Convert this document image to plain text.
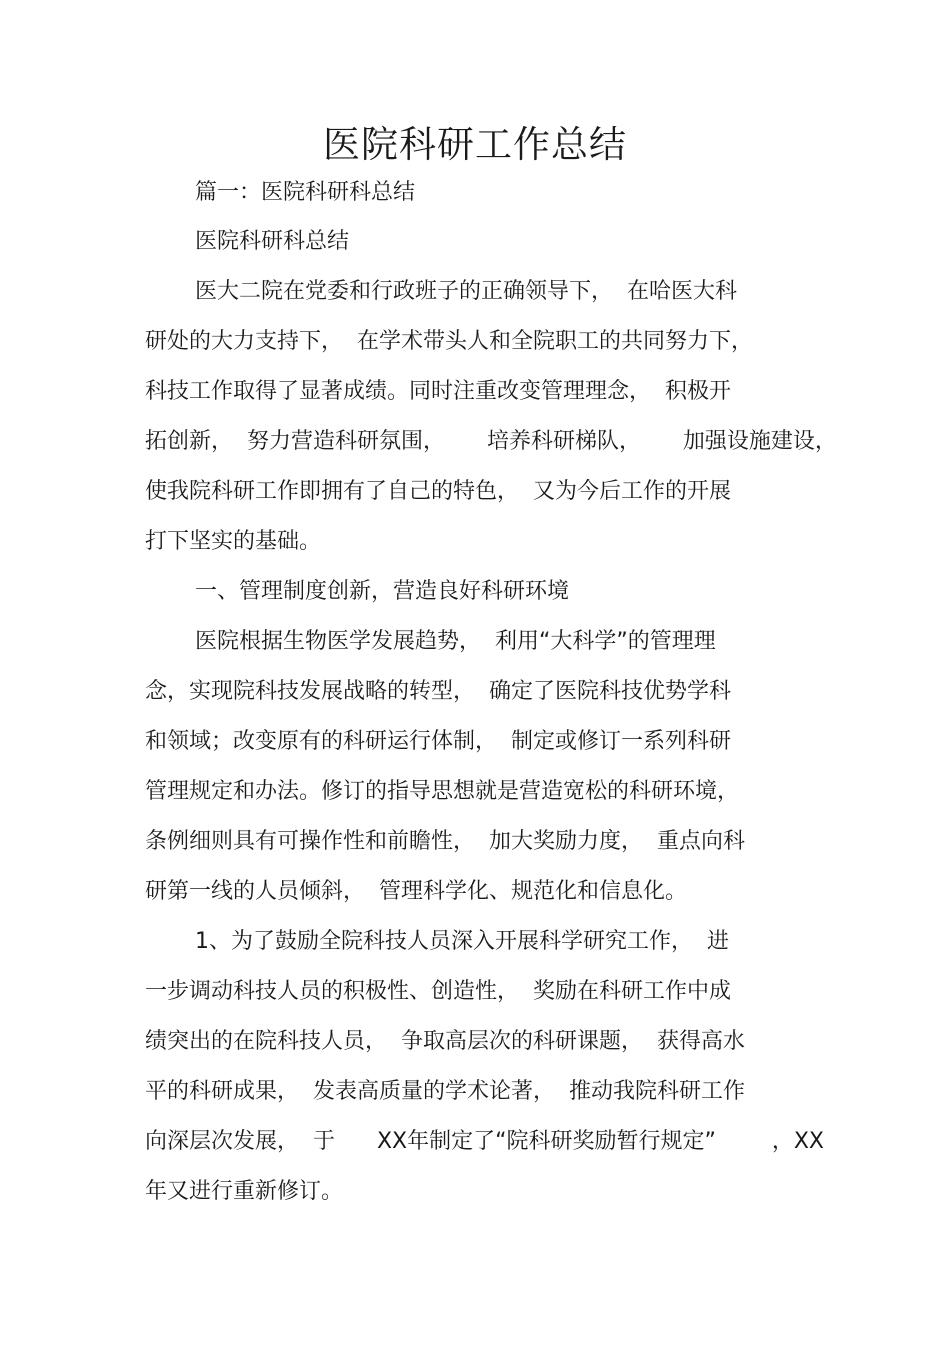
医院科研工作总结
篇一：医院科研科总结
医院科研科总结
医大二院在党委和行政班子的正确领导下，  在哈医大科
研处的大力支持下，  在学术带头人和全院职工的共同努力下，
科技工作取得了显著成绩。同时注重改变管理理念，  积极开
拓创新，  努力营造科研氛围，      培养科研梯队，      加强设施建设，
使我院科研工作即拥有了自己的特色，  又为今后工作的开展
打下坚实的基础。
一、管理制度创新，营造良好科研环境
医院根据生物医学发展趋势，  利用“大科学”的管理理
念，实现院科技发展战略的转型，  确定了医院科技优势学科
和领域；改变原有的科研运行体制，  制定或修订一系列科研
管理规定和办法。修订的指导思想就是营造宽松的科研环境，
条例细则具有可操作性和前瞻性，  加大奖励力度，  重点向科
研第一线的人员倾斜，  管理科学化、规范化和信息化。
1、为了鼓励全院科技人员深入开展科学研究工作，  进
一步调动科技人员的积极性、创造性，  奖励在科研工作中成
绩突出的在院科技人员，  争取高层次的科研课题，  获得高水
平的科研成果，  发表高质量的学术论著，  推动我院科研工作
向深层次发展，  于      XX年制定了“院科研奖励暂行规定”        ，XX
年又进行重新修订。
